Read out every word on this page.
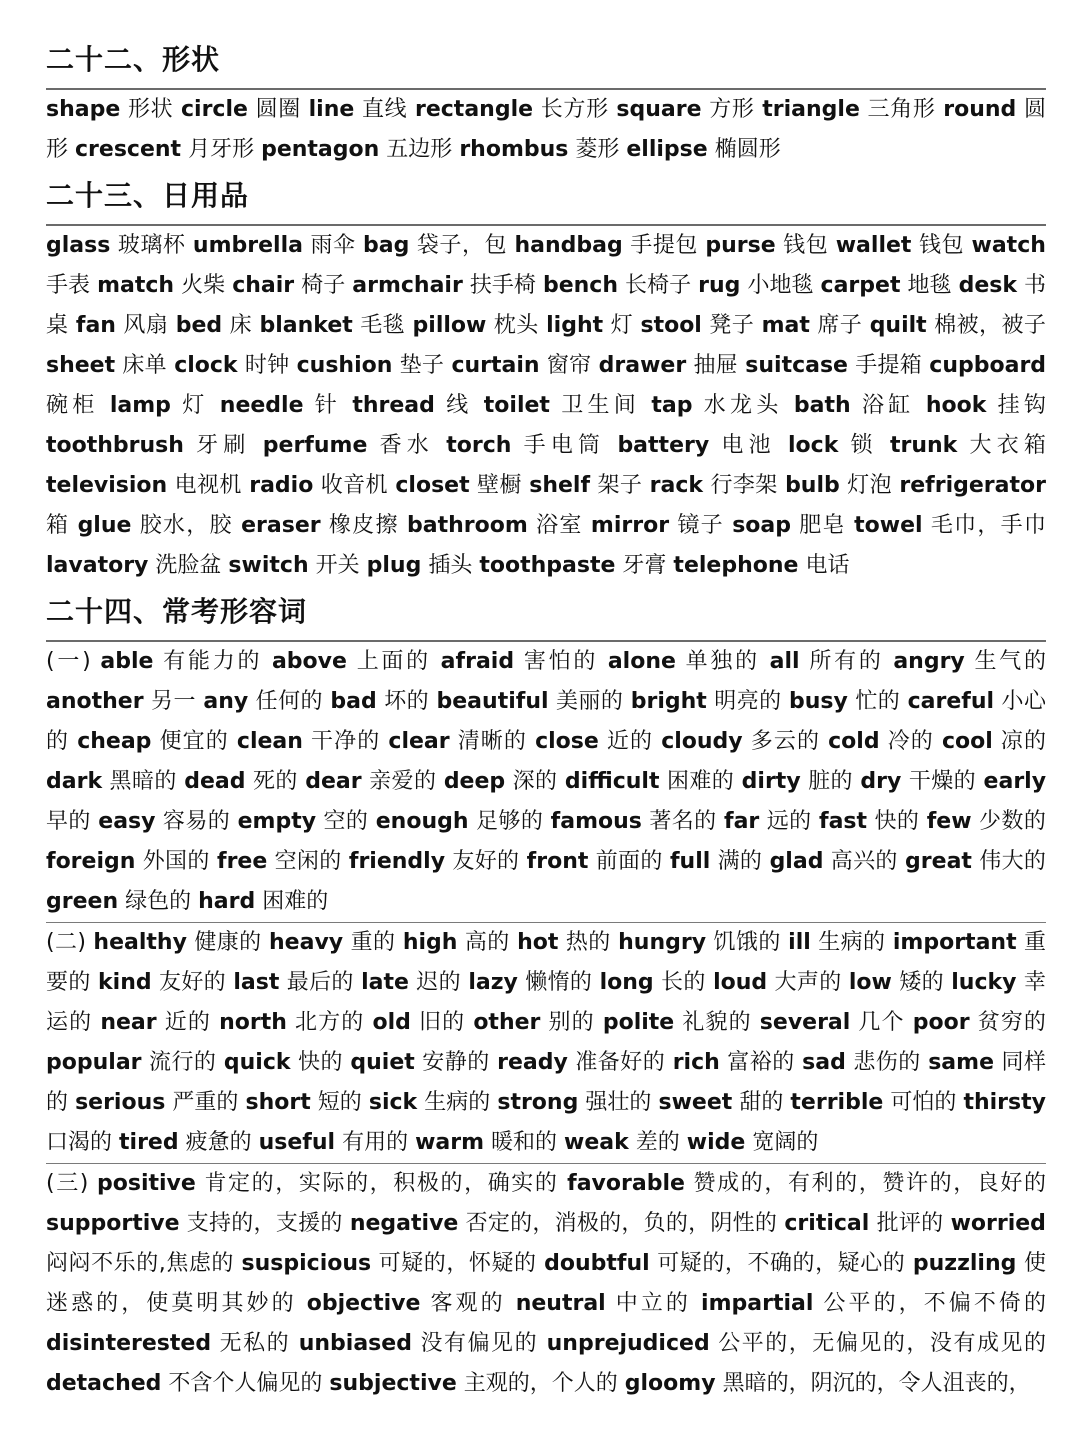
二十二、形状

shape 形状 circle 圆圈 line 直线 rectangle 长方形 square 方形 triangle 三角形 round 圆形 crescent 月牙形 pentagon 五边形 rhombus 菱形 ellipse 椭圆形

二十三、日用品

glass 玻璃杯 umbrella 雨伞 bag 袋子，包 handbag 手提包 purse 钱包 wallet 钱包 watch 手表 match 火柴 chair 椅子 armchair 扶手椅 bench 长椅子 rug 小地毯 carpet 地毯 desk 书桌 fan 风扇 bed 床 blanket 毛毯 pillow 枕头 light 灯 stool 凳子 mat 席子 quilt 棉被，被子 sheet 床单 clock 时钟 cushion 垫子 curtain 窗帘 drawer 抽屉 suitcase 手提箱 cupboard 碗柜 lamp 灯 needle 针 thread 线 toilet 卫生间 tap 水龙头 bath 浴缸 hook 挂钩 toothbrush 牙刷 perfume 香水 torch 手电筒 battery 电池 lock 锁 trunk 大衣箱 television 电视机 radio 收音机 closet 壁橱 shelf 架子 rack 行李架 bulb 灯泡 refrigerator 箱 glue 胶水，胶 eraser 橡皮擦 bathroom 浴室 mirror 镜子 soap 肥皂 towel 毛巾，手巾 lavatory 洗脸盆 switch 开关 plug 插头 toothpaste 牙膏 telephone 电话

二十四、常考形容词

(一) able 有能力的 above 上面的 afraid 害怕的 alone 单独的 all 所有的 angry 生气的 another 另一 any 任何的 bad 坏的 beautiful 美丽的 bright 明亮的 busy 忙的 careful 小心的 cheap 便宜的 clean 干净的 clear 清晰的 close 近的 cloudy 多云的 cold 冷的 cool 凉的 dark 黑暗的 dead 死的 dear 亲爱的 deep 深的 difficult 困难的 dirty 脏的 dry 干燥的 early 早的 easy 容易的 empty 空的 enough 足够的 famous 著名的 far 远的 fast 快的 few 少数的 foreign 外国的 free 空闲的 friendly 友好的 front 前面的 full 满的 glad 高兴的 great 伟大的 green 绿色的 hard 困难的

(二) healthy 健康的 heavy 重的 high 高的 hot 热的 hungry 饥饿的 ill 生病的 important 重要的 kind 友好的 last 最后的 late 迟的 lazy 懒惰的 long 长的 loud 大声的 low 矮的 lucky 幸运的 near 近的 north 北方的 old 旧的 other 别的 polite 礼貌的 several 几个 poor 贫穷的 popular 流行的 quick 快的 quiet 安静的 ready 准备好的 rich 富裕的 sad 悲伤的 same 同样的 serious 严重的 short 短的 sick 生病的 strong 强壮的 sweet 甜的 terrible 可怕的 thirsty 口渴的 tired 疲惫的 useful 有用的 warm 暖和的 weak 差的 wide 宽阔的

(三) positive 肯定的，实际的，积极的，确实的 favorable 赞成的，有利的，赞许的，良好的 supportive 支持的，支援的 negative 否定的，消极的，负的，阴性的 critical 批评的 worried 闷闷不乐的,焦虑的 suspicious 可疑的，怀疑的 doubtful 可疑的，不确的，疑心的 puzzling 使迷惑的，使莫明其妙的 objective 客观的 neutral 中立的 impartial 公平的，不偏不倚的 disinterested 无私的 unbiased 没有偏见的 unprejudiced 公平的，无偏见的，没有成见的 detached 不含个人偏见的 subjective 主观的，个人的 gloomy 黑暗的，阴沉的，令人沮丧的，
